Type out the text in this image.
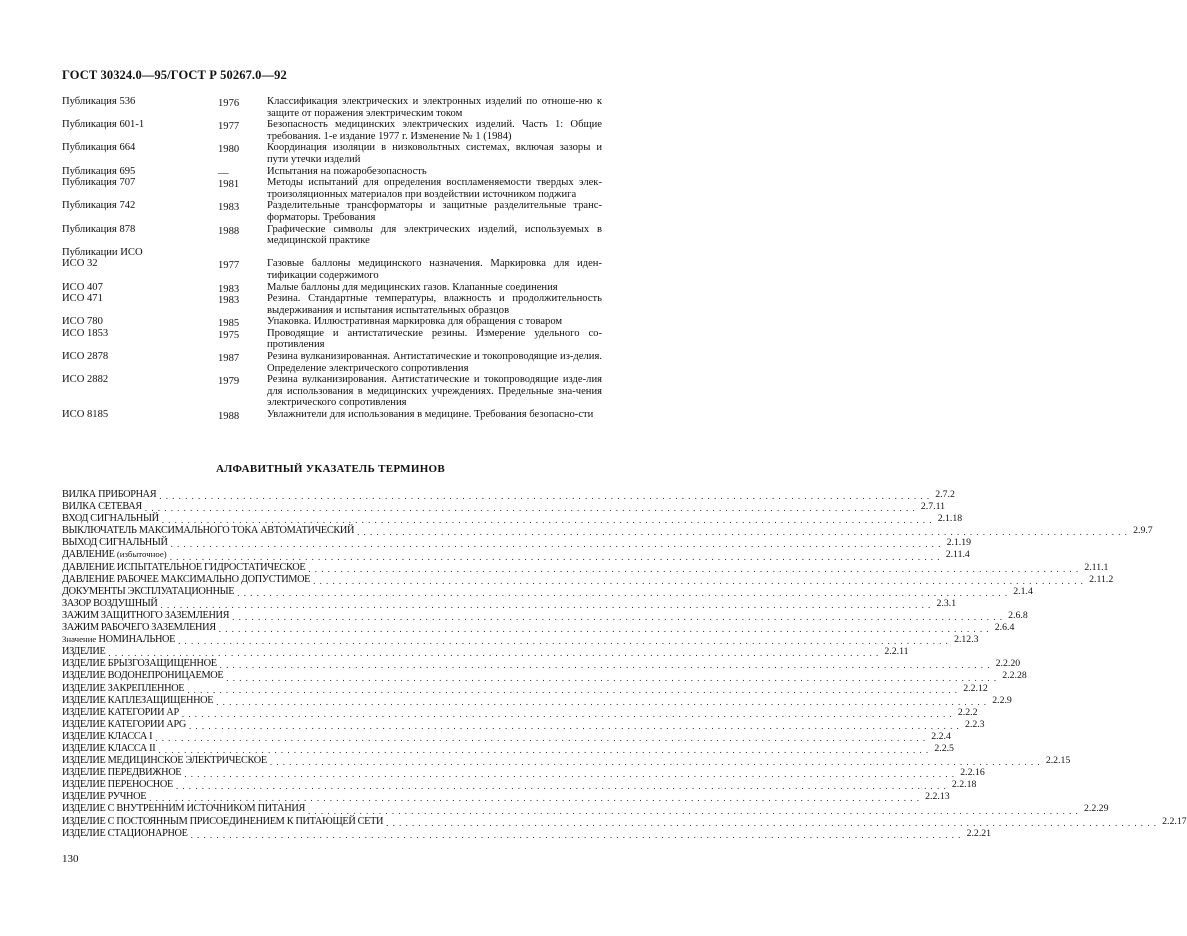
ГОСТ 30324.0—95/ГОСТ Р 50267.0—92
Публикация 536	1976	Классификация электрических и электронных изделий по отноше-ню к защите от поражения электрическим током
Публикация 601-1	1977	Безопасность медицинских электрических изделий. Часть 1: Общие требования. 1-е издание 1977 г. Изменение № 1 (1984)
Публикация 664	1980	Координация изоляции в низковольтных системах, включая зазоры и пути утечки изделий
Публикация 695	—	Испытания на пожаробезопасность
Публикация 707	1981	Методы испытаний для определения воспламеняемости твердых элек-троизоляционных материалов при воздействии источником поджига
Публикация 742	1983	Разделительные трансформаторы и защитные разделительные транс-форматоры. Требования
Публикация 878	1988	Графические символы для электрических изделий, используемых в медицинской практике
Публикации ИСО

ИСО 32	1977	Газовые баллоны медицинского назначения. Маркировка для иден-тификации содержимого
ИСО 407	1983	Малые баллоны для медицинских газов. Клапанные соединения
ИСО 471	1983	Резина. Стандартные температуры, влажность и продолжительность выдерживания и испытания испытательных образцов
ИСО 780	1985	Упаковка. Иллюстративная маркировка для обращения с товаром
ИСО 1853	1975	Проводящие и антистатические резины. Измерение удельного со-противления
ИСО 2878	1987	Резина вулканизированная. Антистатические и токопроводящие из-делия. Определение электрического сопротивления
ИСО 2882	1979	Резина вулканизирования. Антистатические и токопроводящие изде-лия для использования в медицинских учреждениях. Предельные зна-чения электрического сопротивления
ИСО 8185	1988	Увлажнители для использования в медицине. Требования безопасно-сти
АЛФАВИТНЫЙ УКАЗАТЕЛЬ ТЕРМИНОВ
ВИЛКА ПРИБОРНАЯ ........................................................................................................................ 2.7.2
ВИЛКА СЕТЕВАЯ ........................................................................................................................ 2.7.11
ВХОД СИГНАЛЬНЫЙ ........................................................................................................................ 2.1.18
ВЫКЛЮЧАТЕЛЬ МАКСИМАЛЬНОГО ТОКА АВТОМАТИЧЕСКИЙ ........................................................................................................................ 2.9.7
ВЫХОД СИГНАЛЬНЫЙ ........................................................................................................................ 2.1.19
ДАВЛЕНИЕ (избыточное) ........................................................................................................................ 2.11.4
ДАВЛЕНИЕ ИСПЫТАТЕЛЬНОЕ ГИДРОСТАТИЧЕСКОЕ ........................................................................................................................ 2.11.1
ДАВЛЕНИЕ РАБОЧЕЕ МАКСИМАЛЬНО ДОПУСТИМОЕ ........................................................................................................................ 2.11.2
ДОКУМЕНТЫ ЭКСПЛУАТАЦИОННЫЕ ........................................................................................................................ 2.1.4
ЗАЗОР ВОЗДУШНЫЙ ........................................................................................................................ 2.3.1
ЗАЖИМ ЗАЩИТНОГО ЗАЗЕМЛЕНИЯ ........................................................................................................................ 2.6.8
ЗАЖИМ РАБОЧЕГО ЗАЗЕМЛЕНИЯ ........................................................................................................................ 2.6.4
Значение НОМИНАЛЬНОЕ ........................................................................................................................ 2.12.3
ИЗДЕЛИЕ ........................................................................................................................ 2.2.11
ИЗДЕЛИЕ БРЫЗГОЗАЩИЩЕННОЕ ........................................................................................................................ 2.2.20
ИЗДЕЛИЕ ВОДОНЕПРОНИЦАЕМОЕ ........................................................................................................................ 2.2.28
ИЗДЕЛИЕ ЗАКРЕПЛЕННОЕ ........................................................................................................................ 2.2.12
ИЗДЕЛИЕ КАПЛЕЗАЩИЩЕННОЕ ........................................................................................................................ 2.2.9
ИЗДЕЛИЕ КАТЕГОРИИ AP ........................................................................................................................ 2.2.2
ИЗДЕЛИЕ КАТЕГОРИИ APG ........................................................................................................................ 2.2.3
ИЗДЕЛИЕ КЛАССА I ........................................................................................................................ 2.2.4
ИЗДЕЛИЕ КЛАССА II ........................................................................................................................ 2.2.5
ИЗДЕЛИЕ МЕДИЦИНСКОЕ ЭЛЕКТРИЧЕСКОЕ ........................................................................................................................ 2.2.15
ИЗДЕЛИЕ ПЕРЕДВИЖНОЕ ........................................................................................................................ 2.2.16
ИЗДЕЛИЕ ПЕРЕНОСНОЕ ........................................................................................................................ 2.2.18
ИЗДЕЛИЕ РУЧНОЕ ........................................................................................................................ 2.2.13
ИЗДЕЛИЕ С ВНУТРЕННИМ ИСТОЧНИКОМ ПИТАНИЯ ........................................................................................................................ 2.2.29
ИЗДЕЛИЕ С ПОСТОЯННЫМ ПРИСОЕДИНЕНИЕМ К ПИТАЮЩЕЙ СЕТИ ........................................................................................................................ 2.2.17
ИЗДЕЛИЕ СТАЦИОНАРНОЕ ........................................................................................................................ 2.2.21
130
